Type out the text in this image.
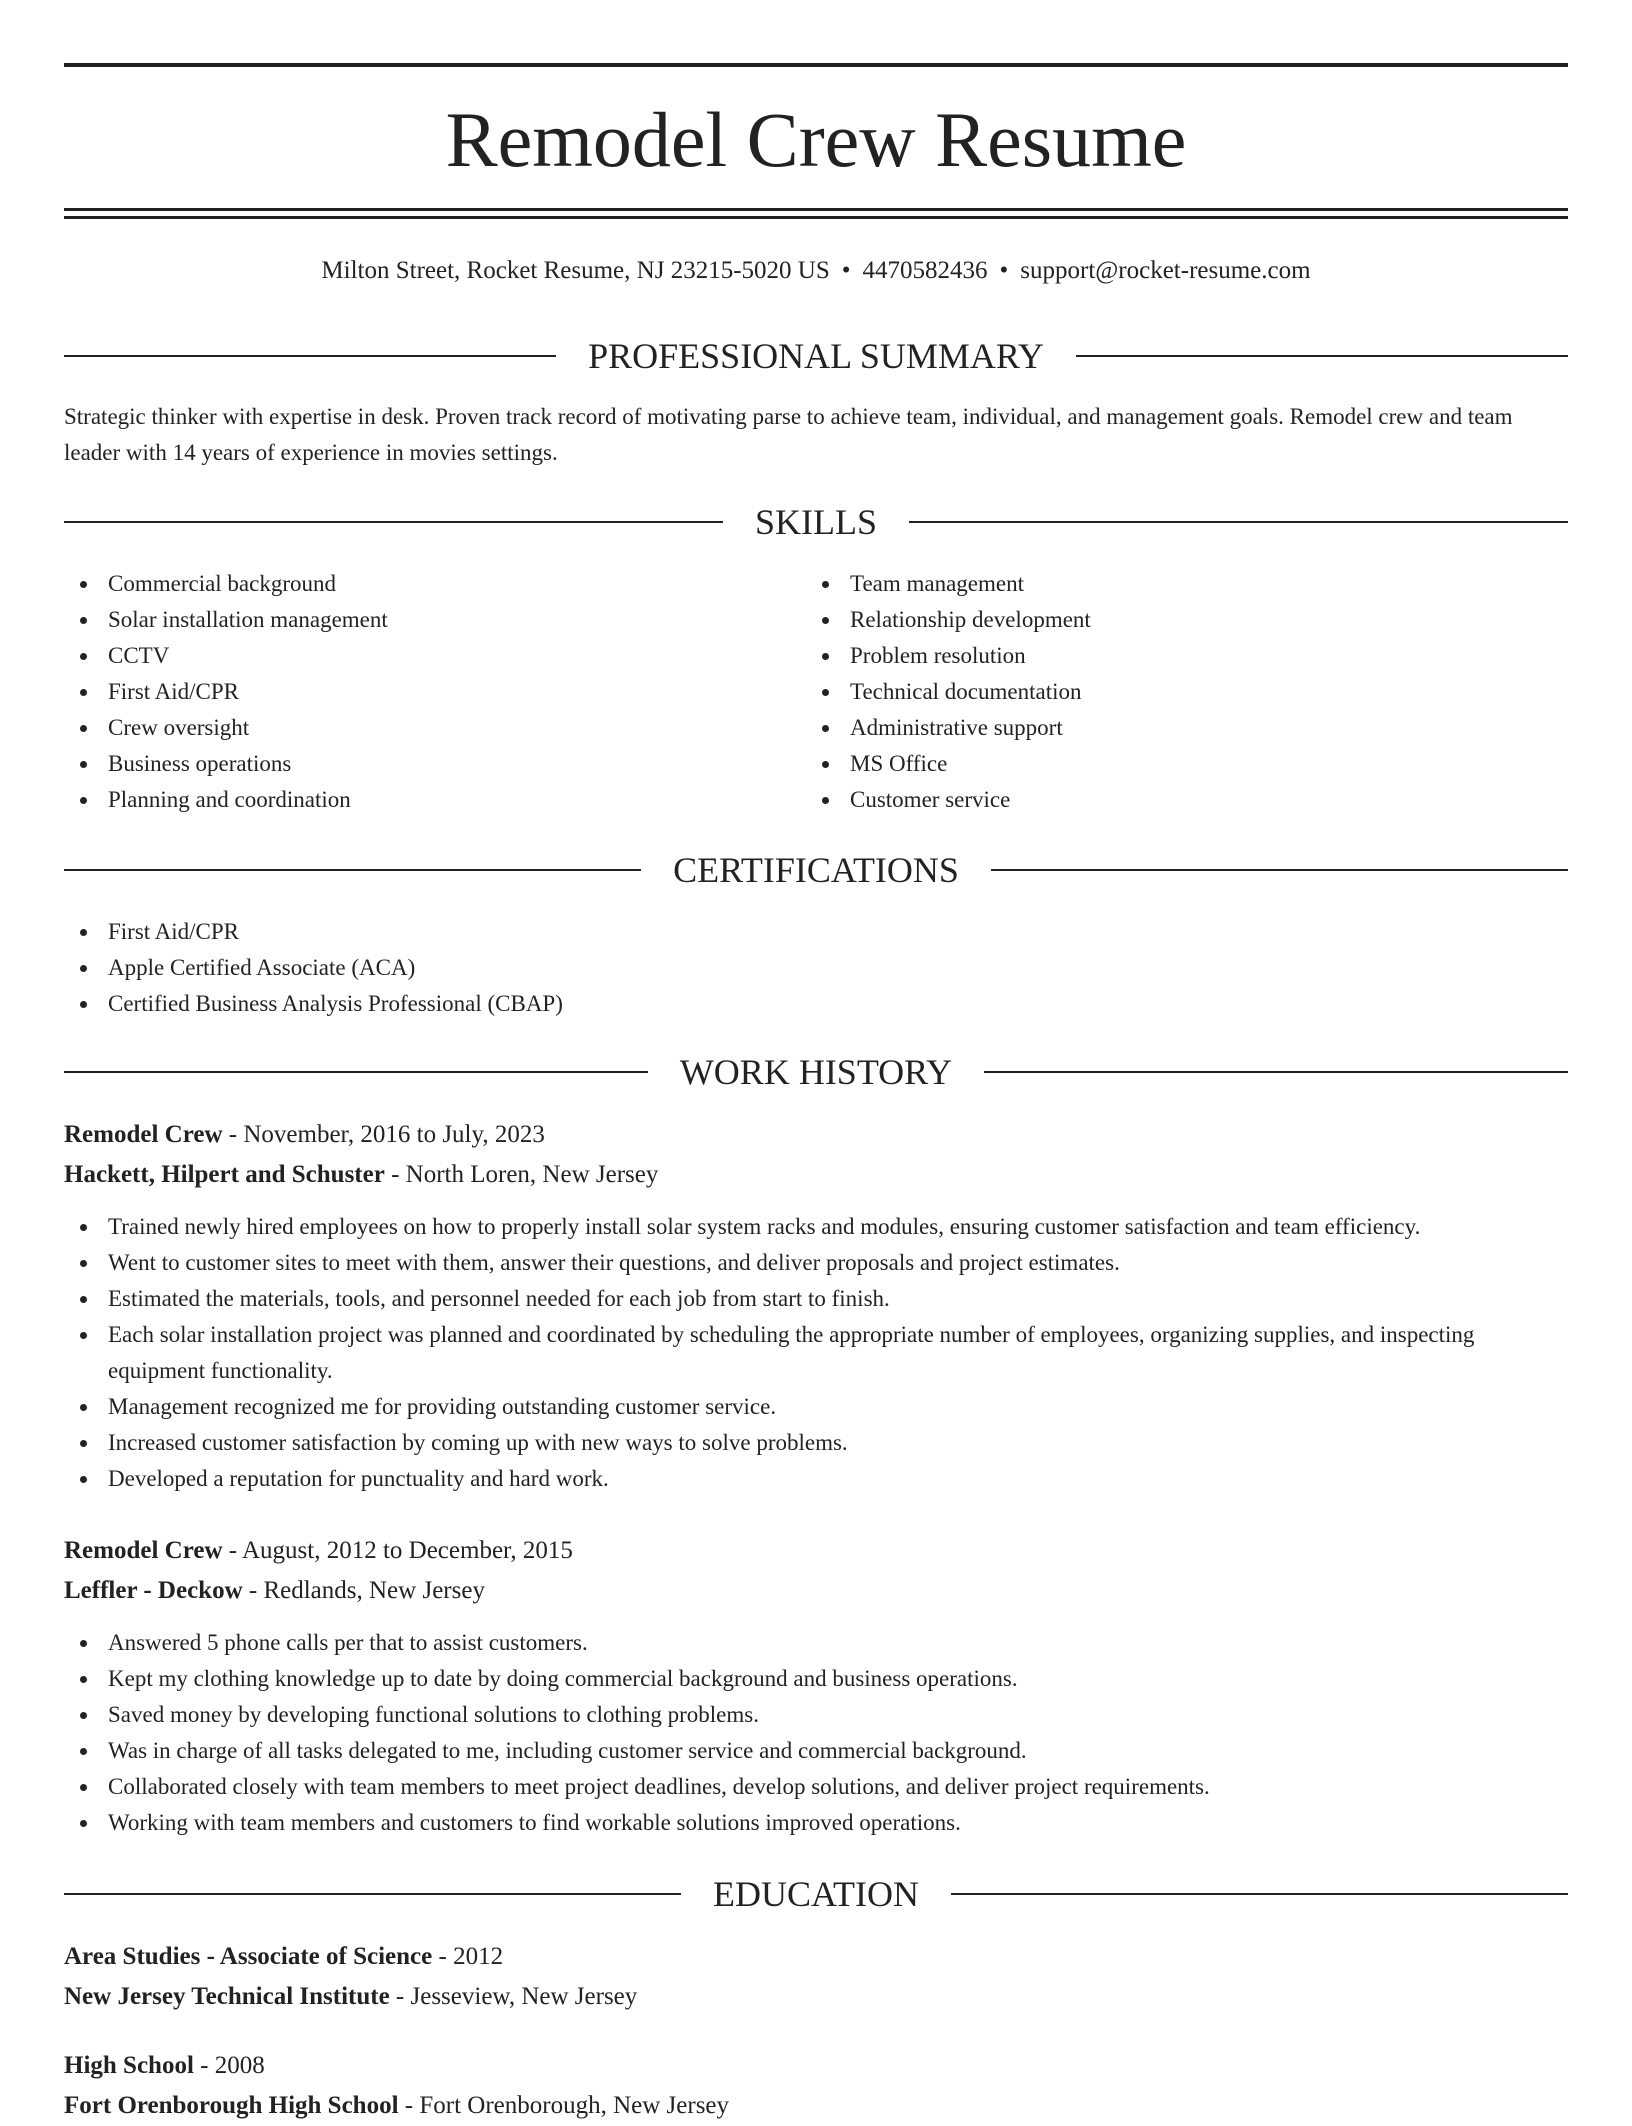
Remodel Crew Resume
Milton Street, Rocket Resume, NJ 23215-5020 US • 4470582436 • support@rocket-resume.com
PROFESSIONAL SUMMARY
Strategic thinker with expertise in desk. Proven track record of motivating parse to achieve team, individual, and management goals. Remodel crew and team leader with 14 years of experience in movies settings.
SKILLS
Commercial background
Solar installation management
CCTV
First Aid/CPR
Crew oversight
Business operations
Planning and coordination
Team management
Relationship development
Problem resolution
Technical documentation
Administrative support
MS Office
Customer service
CERTIFICATIONS
First Aid/CPR
Apple Certified Associate (ACA)
Certified Business Analysis Professional (CBAP)
WORK HISTORY
Remodel Crew - November, 2016 to July, 2023
Hackett, Hilpert and Schuster - North Loren, New Jersey
Trained newly hired employees on how to properly install solar system racks and modules, ensuring customer satisfaction and team efficiency.
Went to customer sites to meet with them, answer their questions, and deliver proposals and project estimates.
Estimated the materials, tools, and personnel needed for each job from start to finish.
Each solar installation project was planned and coordinated by scheduling the appropriate number of employees, organizing supplies, and inspecting equipment functionality.
Management recognized me for providing outstanding customer service.
Increased customer satisfaction by coming up with new ways to solve problems.
Developed a reputation for punctuality and hard work.
Remodel Crew - August, 2012 to December, 2015
Leffler - Deckow - Redlands, New Jersey
Answered 5 phone calls per that to assist customers.
Kept my clothing knowledge up to date by doing commercial background and business operations.
Saved money by developing functional solutions to clothing problems.
Was in charge of all tasks delegated to me, including customer service and commercial background.
Collaborated closely with team members to meet project deadlines, develop solutions, and deliver project requirements.
Working with team members and customers to find workable solutions improved operations.
EDUCATION
Area Studies - Associate of Science - 2012
New Jersey Technical Institute - Jesseview, New Jersey
High School - 2008
Fort Orenborough High School - Fort Orenborough, New Jersey
